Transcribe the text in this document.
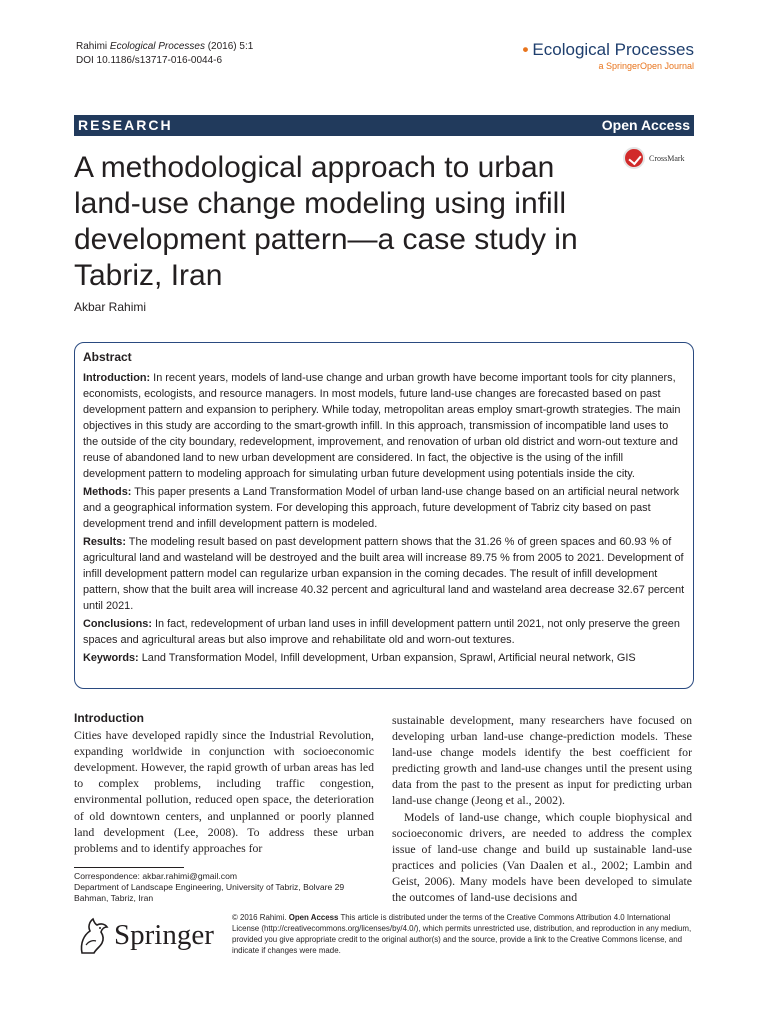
Rahimi Ecological Processes (2016) 5:1
DOI 10.1186/s13717-016-0044-6
• Ecological Processes
a SpringerOpen Journal
RESEARCH	Open Access
A methodological approach to urban land-use change modeling using infill development pattern—a case study in Tabriz, Iran
CrossMark
Akbar Rahimi
Abstract

Introduction: In recent years, models of land-use change and urban growth have become important tools for city planners, economists, ecologists, and resource managers. In most models, future land-use changes are forecasted based on past development pattern and expansion to periphery. While today, metropolitan areas employ smart-growth strategies. The main objectives in this study are according to the smart-growth infill. In this approach, transmission of incompatible land uses to the outside of the city boundary, redevelopment, improvement, and renovation of urban old district and worn-out texture and reuse of abandoned land to new urban development are considered. In fact, the objective is the using of the infill development pattern to modeling approach for simulating urban future development using potentials inside the city.

Methods: This paper presents a Land Transformation Model of urban land-use change based on an artificial neural network and a geographical information system. For developing this approach, future development of Tabriz city based on past development trend and infill development pattern is modeled.

Results: The modeling result based on past development pattern shows that the 31.26 % of green spaces and 60.93 % of agricultural land and wasteland will be destroyed and the built area will increase 89.75 % from 2005 to 2021. Development of infill development pattern model can regularize urban expansion in the coming decades. The result of infill development pattern, show that the built area will increase 40.32 percent and agricultural land and wasteland area decrease 32.67 percent until 2021.

Conclusions: In fact, redevelopment of urban land uses in infill development pattern until 2021, not only preserve the green spaces and agricultural areas but also improve and rehabilitate old and worn-out textures.

Keywords: Land Transformation Model, Infill development, Urban expansion, Sprawl, Artificial neural network, GIS

Introduction

Cities have developed rapidly since the Industrial Revolution, expanding worldwide in conjunction with socioeconomic development. However, the rapid growth of urban areas has led to complex problems, including traffic congestion, environmental pollution, reduced open space, the deterioration of old downtown centers, and unplanned or poorly planned land development (Lee, 2008). To address these urban problems and to identify approaches for

sustainable development, many researchers have focused on developing urban land-use change-prediction models. These land-use change models identify the best coefficient for predicting growth and land-use changes until the present using data from the past to the present as input for predicting urban land-use change (Jeong et al., 2002).

Models of land-use change, which couple biophysical and socioeconomic drivers, are needed to address the complex issue of land-use change and build up sustainable land-use practices and policies (Van Daalen et al., 2002; Lambin and Geist, 2006). Many models have been developed to simulate the outcomes of land-use decisions and

Correspondence: akbar.rahimi@gmail.com
Department of Landscape Engineering, University of Tabriz, Bolvare 29
Bahman, Tabriz, Iran
Springer
© 2016 Rahimi. Open Access This article is distributed under the terms of the Creative Commons Attribution 4.0 International License (http://creativecommons.org/licenses/by/4.0/), which permits unrestricted use, distribution, and reproduction in any medium, provided you give appropriate credit to the original author(s) and the source, provide a link to the Creative Commons license, and indicate if changes were made.
